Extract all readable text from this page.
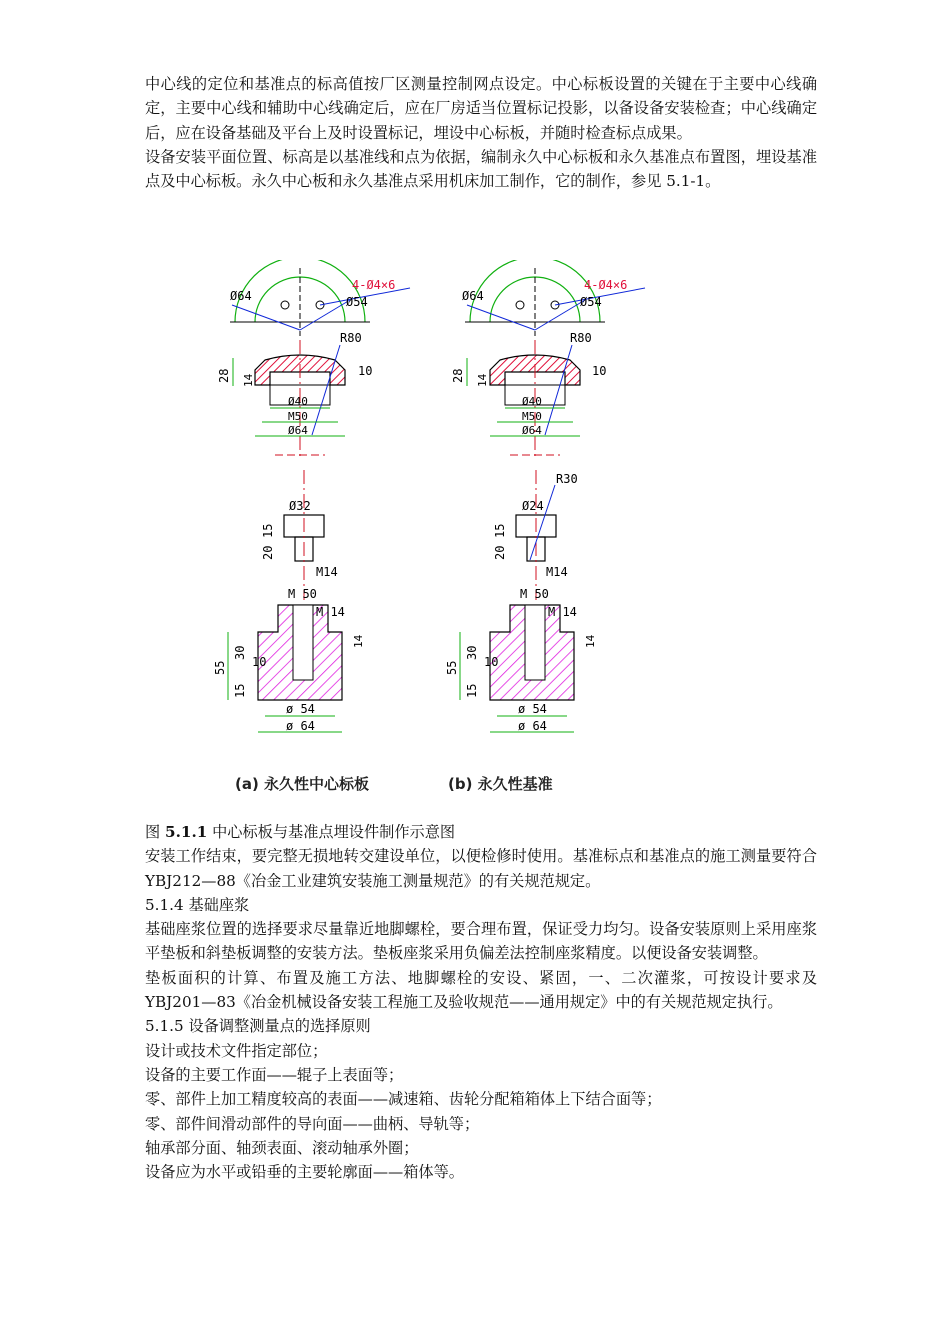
中心线的定位和基准点的标高值按厂区测量控制网点设定。中心标板设置的关键在于主要中心线确定，主要中心线和辅助中心线确定后，应在厂房适当位置标记投影，以备设备安装检查；中心线确定后，应在设备基础及平台上及时设置标记，埋设中心标板，并随时检查标点成果。

设备安装平面位置、标高是以基准线和点为依据，编制永久中心标板和永久基准点布置图，埋设基准点及中心标板。永久中心板和永久基准点采用机床加工制作，它的制作，参见 5.1-1。

Ø64
4-Ø4×6
Ø54
R80
28 14
10
Ø40
M50
Ø64
Ø32
20
15
M14
M 50
M 14
14
55
30
10
15
ø 54
ø 64
Ø64
4-Ø4×6
Ø54
R80
28 14
10
Ø40
M50
Ø64
R30
Ø24
20
15
M14
M 50
M 14
14
55
30
10
15
ø 54
ø 64
(a) 永久性中心标板	(b) 永久性基准

图 5.1.1 中心标板与基准点埋设件制作示意图

安装工作结束，要完整无损地转交建设单位，以便检修时使用。基准标点和基准点的施工测量要符合 YBJ212—88《冶金工业建筑安装施工测量规范》的有关规范规定。

5.1.4 基础座浆

基础座浆位置的选择要求尽量靠近地脚螺栓，要合理布置，保证受力均匀。设备安装原则上采用座浆平垫板和斜垫板调整的安装方法。垫板座浆采用负偏差法控制座浆精度。以便设备安装调整。

垫板面积的计算、布置及施工方法、地脚螺栓的安设、紧固，一、二次灌浆，可按设计要求及YBJ201—83《冶金机械设备安装工程施工及验收规范——通用规定》中的有关规范规定执行。

5.1.5 设备调整测量点的选择原则

设计或技术文件指定部位；

设备的主要工作面——辊子上表面等；

零、部件上加工精度较高的表面——减速箱、齿轮分配箱箱体上下结合面等；

零、部件间滑动部件的导向面——曲柄、导轨等；

轴承部分面、轴颈表面、滚动轴承外圈；

设备应为水平或铅垂的主要轮廓面——箱体等。
